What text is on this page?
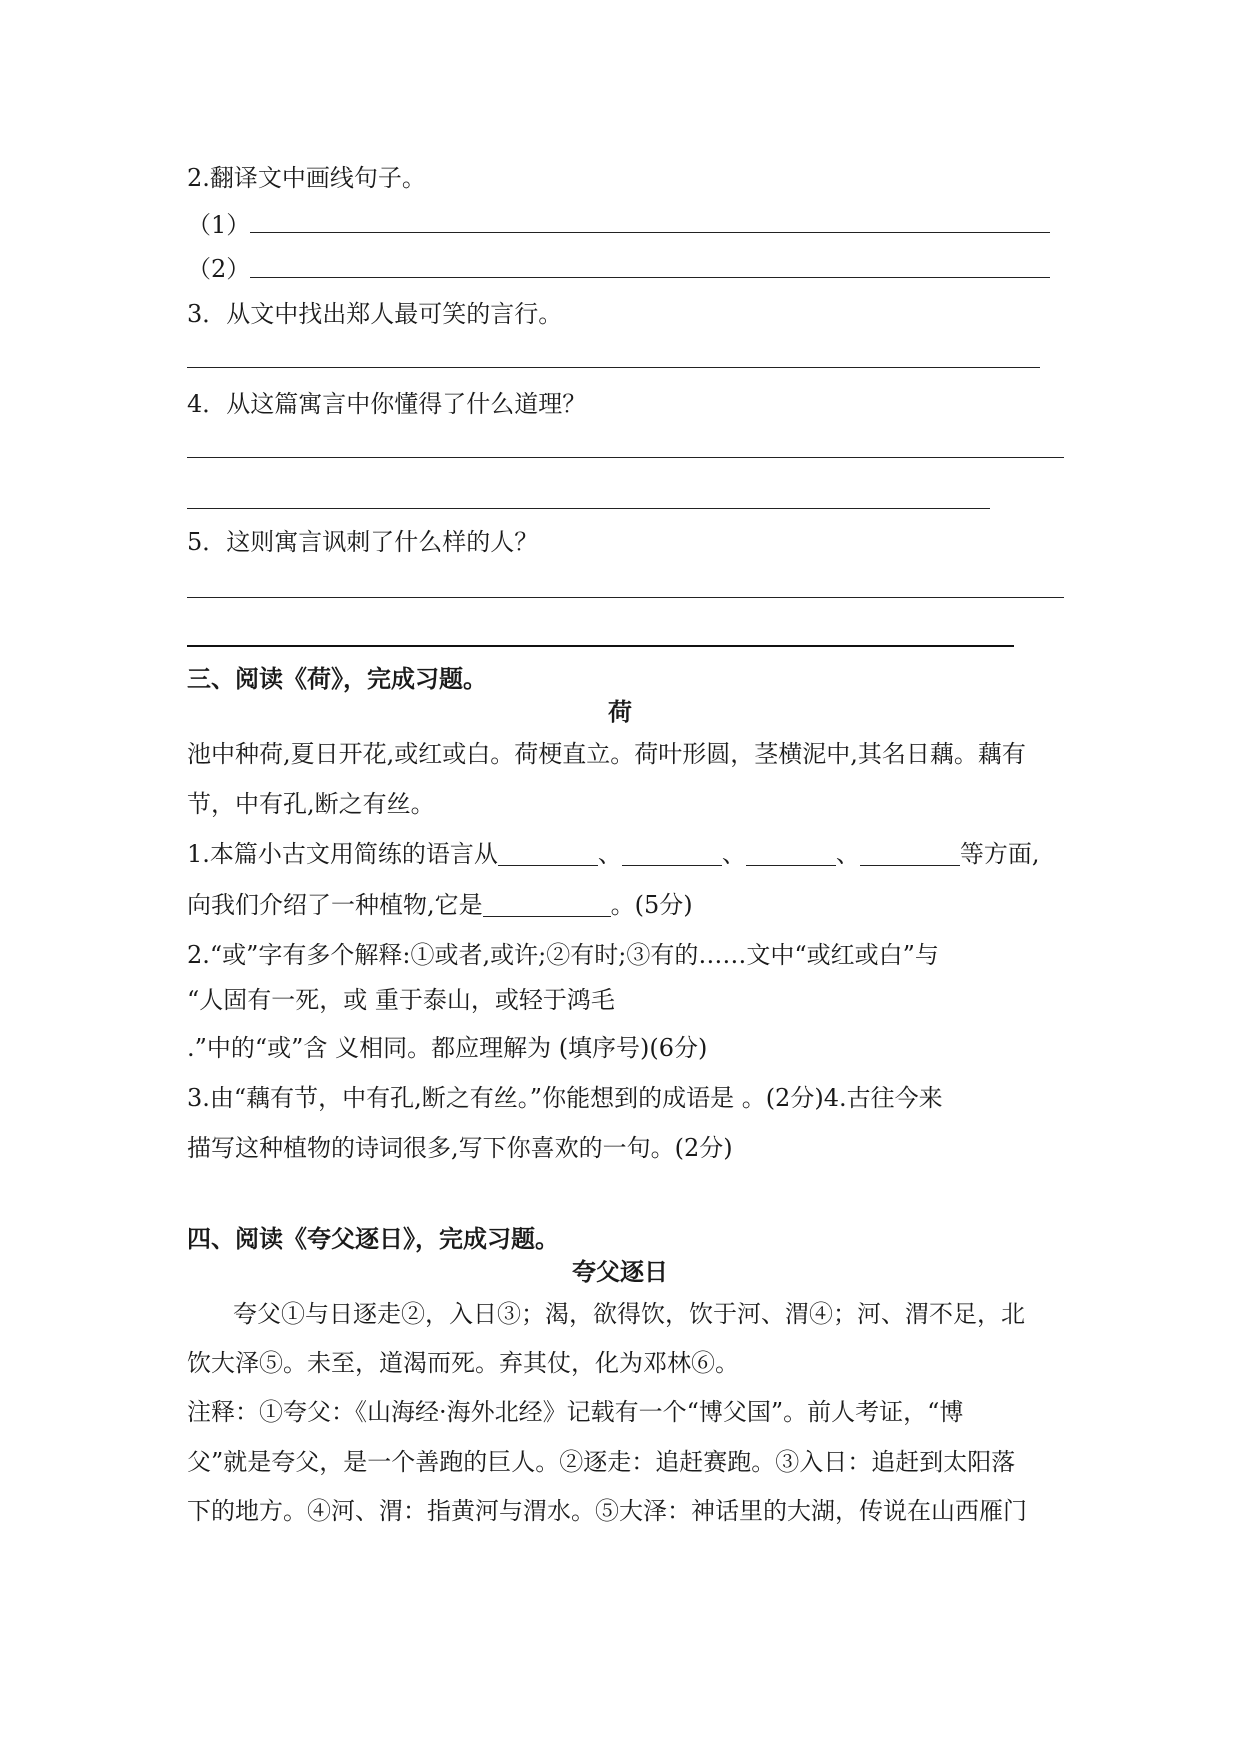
2.翻译文中画线句子。
（1）
（2）
3．从文中找出郑人最可笑的言行。
4．从这篇寓言中你懂得了什么道理？
5．这则寓言讽刺了什么样的人？
三、阅读《荷》，完成习题。
荷
池中种荷,夏日开花,或红或白。荷梗直立。荷叶形圆，茎横泥中,其名日藕。藕有
节，中有孔,断之有丝。
1.本篇小古文用简练的语言从	、	、	、	等方面,
向我们介绍了一种植物,它是	。(5分)
2.“或”字有多个解释:①或者,或许;②有时;③有的……文中“或红或白”与
“人固有一死，或 重于泰山，或轻于鸿毛
.”中的“或”含 义相同。都应理解为 (填序号)(6分)
3.由“藕有节，中有孔,断之有丝。”你能想到的成语是 。(2分)4.古往今来
描写这种植物的诗词很多,写下你喜欢的一句。(2分)
四、阅读《夸父逐日》，完成习题。
夸父逐日
夸父①与日逐走②，入日③；渴，欲得饮，饮于河、渭④；河、渭不足，北
饮大泽⑤。未至，道渴而死。弃其仗，化为邓林⑥。
注释：①夸父：《山海经·海外北经》记载有一个“博父国”。前人考证，“博
父”就是夸父，是一个善跑的巨人。②逐走：追赶赛跑。③入日：追赶到太阳落
下的地方。④河、渭：指黄河与渭水。⑤大泽：神话里的大湖，传说在山西雁门
